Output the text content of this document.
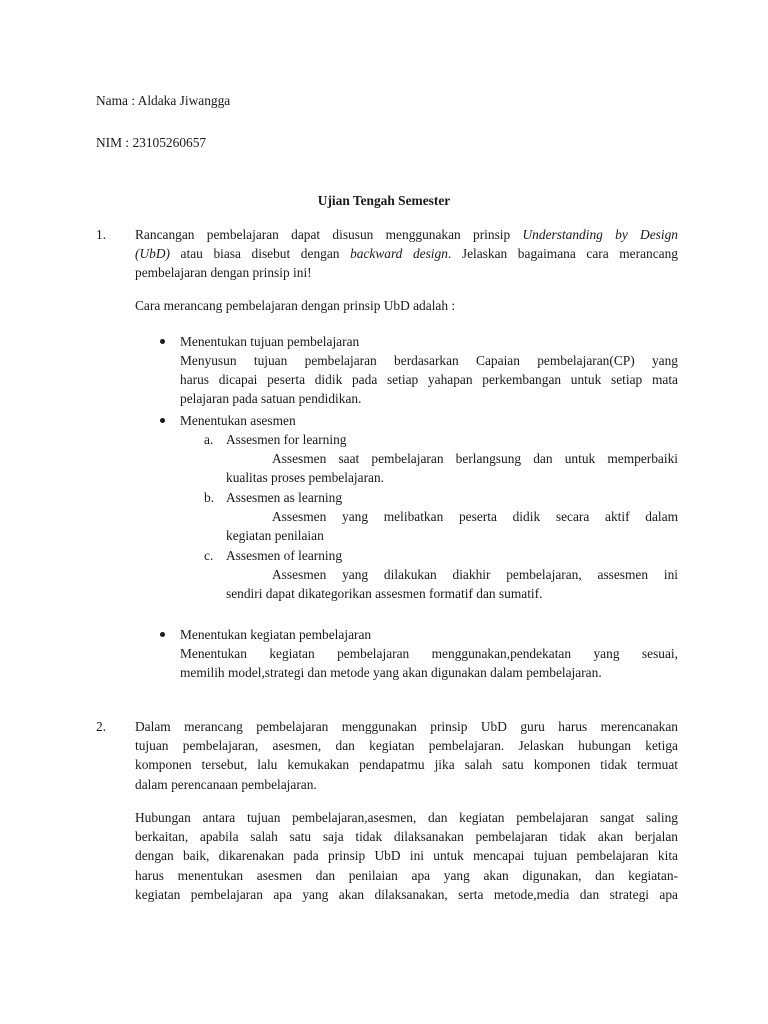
Nama : Aldaka Jiwangga

NIM : 23105260657

Ujian Tengah Semester

1. Rancangan pembelajaran dapat disusun menggunakan prinsip Understanding by Design
(UbD) atau biasa disebut dengan backward design. Jelaskan bagaimana cara merancang
pembelajaran dengan prinsip ini!

Cara merancang pembelajaran dengan prinsip UbD adalah :

Menentukan tujuan pembelajaran

Menyusun tujuan pembelajaran berdasarkan Capaian pembelajaran(CP) yang
harus dicapai peserta didik pada setiap yahapan perkembangan untuk setiap mata
pelajaran pada satuan pendidikan.

Menentukan asesmen

a. Assesmen for learning

Assesmen saat pembelajaran berlangsung dan untuk memperbaiki
kualitas proses pembelajaran.

b. Assesmen as learning

Assesmen yang melibatkan peserta didik secara aktif dalam
kegiatan penilaian

c. Assesmen of learning

Assesmen yang dilakukan diakhir pembelajaran, assesmen ini
sendiri dapat dikategorikan assesmen formatif dan sumatif.

Menentukan kegiatan pembelajaran

Menentukan kegiatan pembelajaran menggunakan,pendekatan yang sesuai,
memilih model,strategi dan metode yang akan digunakan dalam pembelajaran.

2. Dalam merancang pembelajaran menggunakan prinsip UbD guru harus merencanakan
tujuan pembelajaran, asesmen, dan kegiatan pembelajaran. Jelaskan hubungan ketiga
komponen tersebut, lalu kemukakan pendapatmu jika salah satu komponen tidak termuat
dalam perencanaan pembelajaran.
Hubungan antara tujuan pembelajaran,asesmen, dan kegiatan pembelajaran sangat saling
berkaitan, apabila salah satu saja tidak dilaksanakan pembelajaran tidak akan berjalan
dengan baik, dikarenakan pada prinsip UbD ini untuk mencapai tujuan pembelajaran kita
harus menentukan asesmen dan penilaian apa yang akan digunakan, dan kegiatan-
kegiatan pembelajaran apa yang akan dilaksanakan, serta metode,media dan strategi apa
